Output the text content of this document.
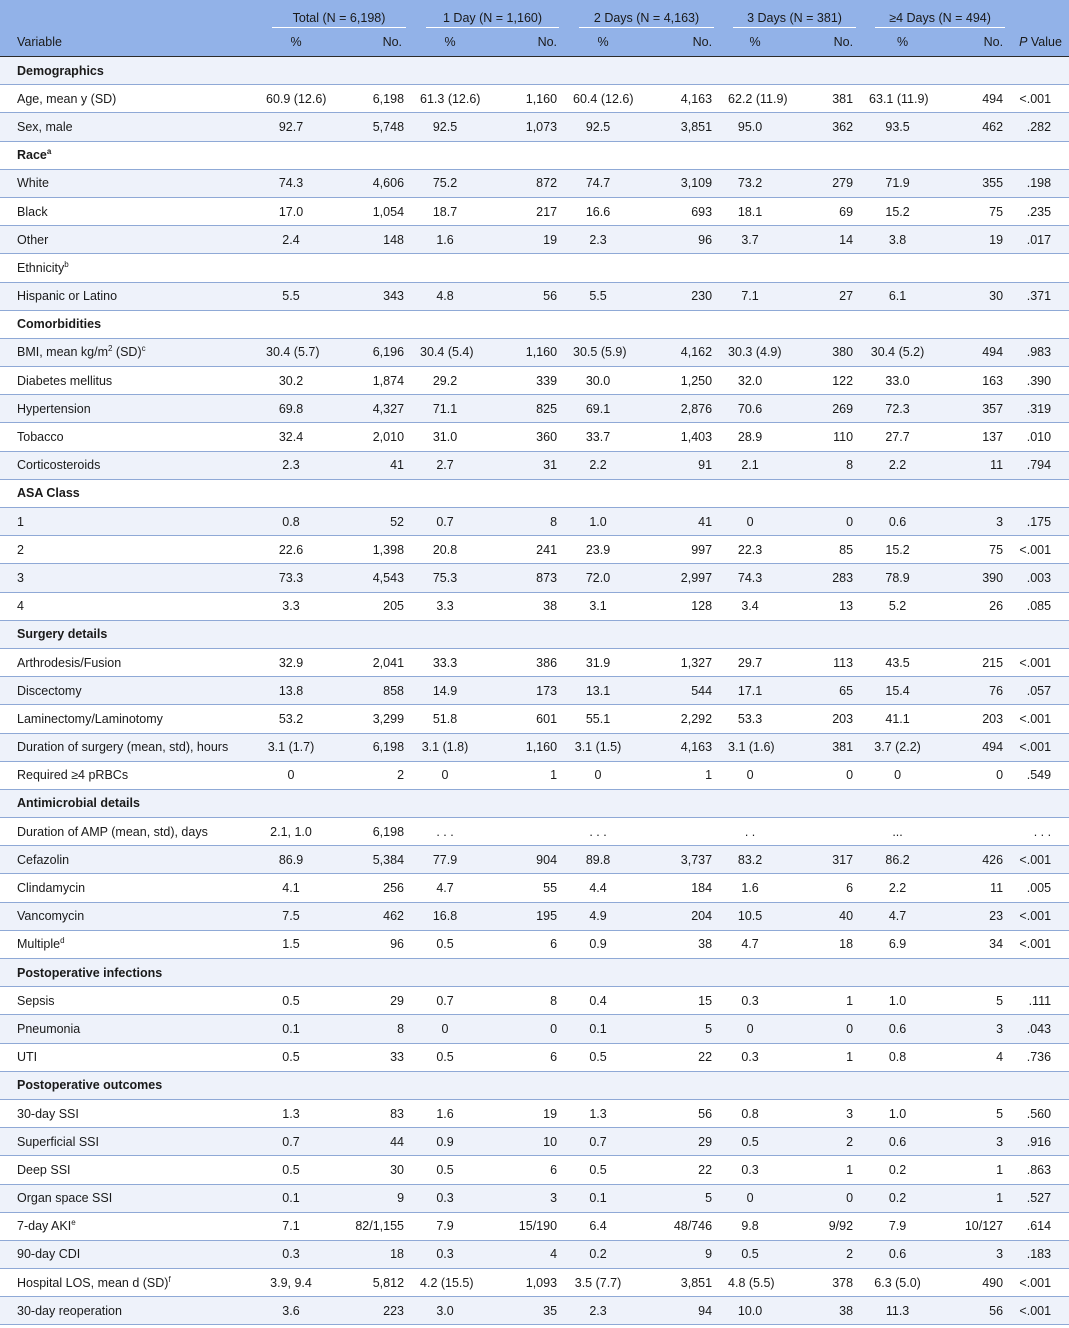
	Total (N = 6,198)		1 Day (N = 1,160)		2 Days (N = 4,163)		3 Days (N = 381)		≥4 Days (N = 494)		
Variable	%	No.	%	No.	%	No.	%	No.	%	No.	P Value
Demographics											
Age, mean y (SD)	60.9 (12.6)	6,198	61.3 (12.6)	1,160	60.4 (12.6)	4,163	62.2 (11.9)	381	63.1 (11.9)	494	<.001
Sex, male	92.7	5,748	92.5	1,073	92.5	3,851	95.0	362	93.5	462	.282
Race$^a$
White	74.3	4,606	75.2	872	74.7	3,109	73.2	279	71.9	355	.198
Black	17.0	1,054	18.7	217	16.6	693	18.1	69	15.2	75	.235
Other	2.4	148	1.6	19	2.3	96	3.7	14	3.8	19	.017
Ethnicity$^b$
Hispanic or Latino	5.5	343	4.8	56	5.5	230	7.1	27	6.1	30	.371
Comorbidities											
BMI, mean $kg/m^2$ (SD)$^c$	30.4 (5.7)	6,196	30.4 (5.4)	1,160	30.5 (5.9)	4,162	30.3 (4.9)	380	30.4 (5.2)	494	.983
Diabetes mellitus	30.2	1,874	29.2	339	30.0	1,250	32.0	122	33.0	163	.390
Hypertension	69.8	4,327	71.1	825	69.1	2,876	70.6	269	72.3	357	.319
Tobacco	32.4	2,010	31.0	360	33.7	1,403	28.9	110	27.7	137	.010
Corticosteroids	2.3	41	2.7	31	2.2	91	2.1	8	2.2	11	.794
ASA Class											
1	0.8	52	0.7	8	1.0	41	0	0	0.6	3	.175
2	22.6	1,398	20.8	241	23.9	997	22.3	85	15.2	75	<.001
3	73.3	4,543	75.3	873	72.0	2,997	74.3	283	78.9	390	.003
4	3.3	205	3.3	38	3.1	128	3.4	13	5.2	26	.085
Surgery details											
Arthrodesis/Fusion	32.9	2,041	33.3	386	31.9	1,327	29.7	113	43.5	215	<.001
Discectomy	13.8	858	14.9	173	13.1	544	17.1	65	15.4	76	.057
Laminectomy/Laminotomy	53.2	3,299	51.8	601	55.1	2,292	53.3	203	41.1	203	<.001
Duration of surgery (mean, std), hours	3.1 (1.7)	6,198	3.1 (1.8)	1,160	3.1 (1.5)	4,163	3.1 (1.6)	381	3.7 (2.2)	494	<.001
Required ≥4 pRBCs	0	2	0	1	0	1	0	0	0	0	.549
Antimicrobial details											
Duration of AMP (mean, std), days	2.1, 1.0	6,198	. . .		. . .		. .		...		. . .
Cefazolin	86.9	5,384	77.9	904	89.8	3,737	83.2	317	86.2	426	<.001
Clindamycin	4.1	256	4.7	55	4.4	184	1.6	6	2.2	11	.005
Vancomycin	7.5	462	16.8	195	4.9	204	10.5	40	4.7	23	<.001
Multiple$^d$	1.5	96	0.5	6	0.9	38	4.7	18	6.9	34	<.001
Postoperative infections											
Sepsis	0.5	29	0.7	8	0.4	15	0.3	1	1.0	5	.111
Pneumonia	0.1	8	0	0	0.1	5	0	0	0.6	3	.043
UTI	0.5	33	0.5	6	0.5	22	0.3	1	0.8	4	.736
Postoperative outcomes											
30-day SSI	1.3	83	1.6	19	1.3	56	0.8	3	1.0	5	.560
Superficial SSI	0.7	44	0.9	10	0.7	29	0.5	2	0.6	3	.916
Deep SSI	0.5	30	0.5	6	0.5	22	0.3	1	0.2	1	.863
Organ space SSI	0.1	9	0.3	3	0.1	5	0	0	0.2	1	.527
7-day AKI$^e$	7.1	82/1,155	7.9	15/190	6.4	48/746	9.8	9/92	7.9	10/127	.614
90-day CDI	0.3	18	0.3	4	0.2	9	0.5	2	0.6	3	.183
Hospital LOS, mean d (SD)$^f$	3.9, 9.4	5,812	4.2 (15.5)	1,093	3.5 (7.7)	3,851	4.8 (5.5)	378	6.3 (5.0)	490	<.001
30-day reoperation	3.6	223	3.0	35	2.3	94	10.0	38	11.3	56	<.001
